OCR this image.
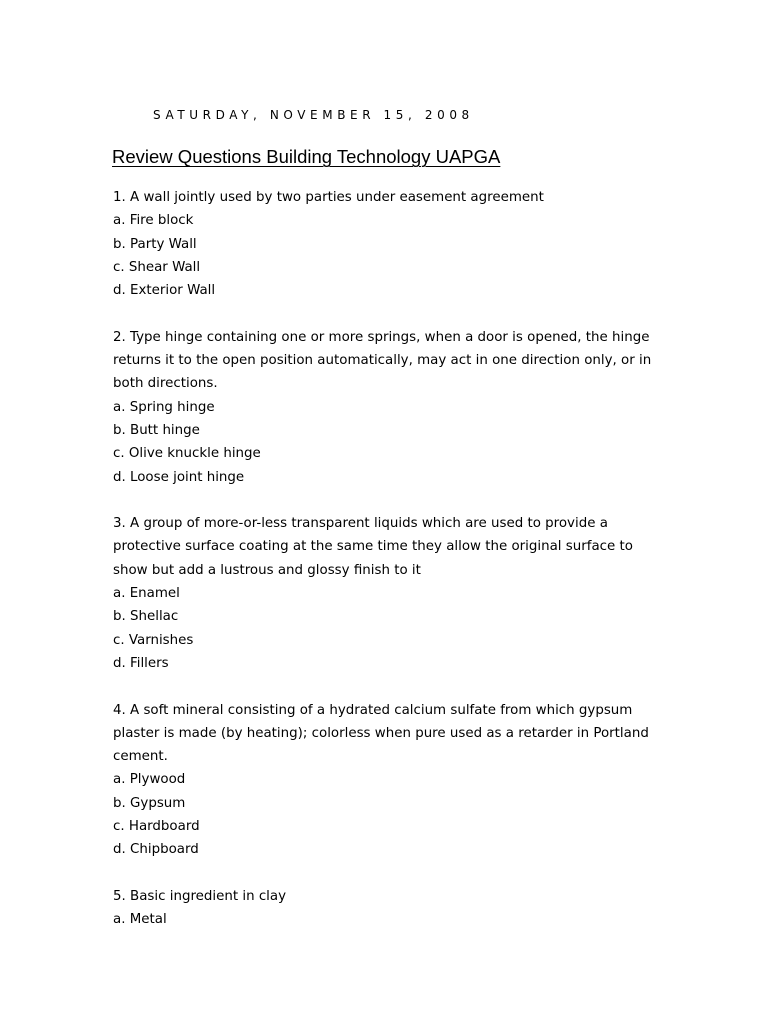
SATURDAY, NOVEMBER 15, 2008
Review Questions Building Technology UAPGA

1. A wall jointly used by two parties under easement agreement

a. Fire block
b. Party Wall
c. Shear Wall
d. Exterior Wall

2. Type hinge containing one or more springs, when a door is opened, the hinge returns it to the open position automatically, may act in one direction only, or in both directions.

a. Spring hinge
b. Butt hinge
c. Olive knuckle hinge
d. Loose joint hinge

3. A group of more-or-less transparent liquids which are used to provide a protective surface coating at the same time they allow the original surface to show but add a lustrous and glossy finish to it

a. Enamel
b. Shellac
c. Varnishes
d. Fillers

4. A soft mineral consisting of a hydrated calcium sulfate from which gypsum plaster is made (by heating); colorless when pure used as a retarder in Portland cement.

a. Plywood
b. Gypsum
c. Hardboard
d. Chipboard

5. Basic ingredient in clay

a. Metal
